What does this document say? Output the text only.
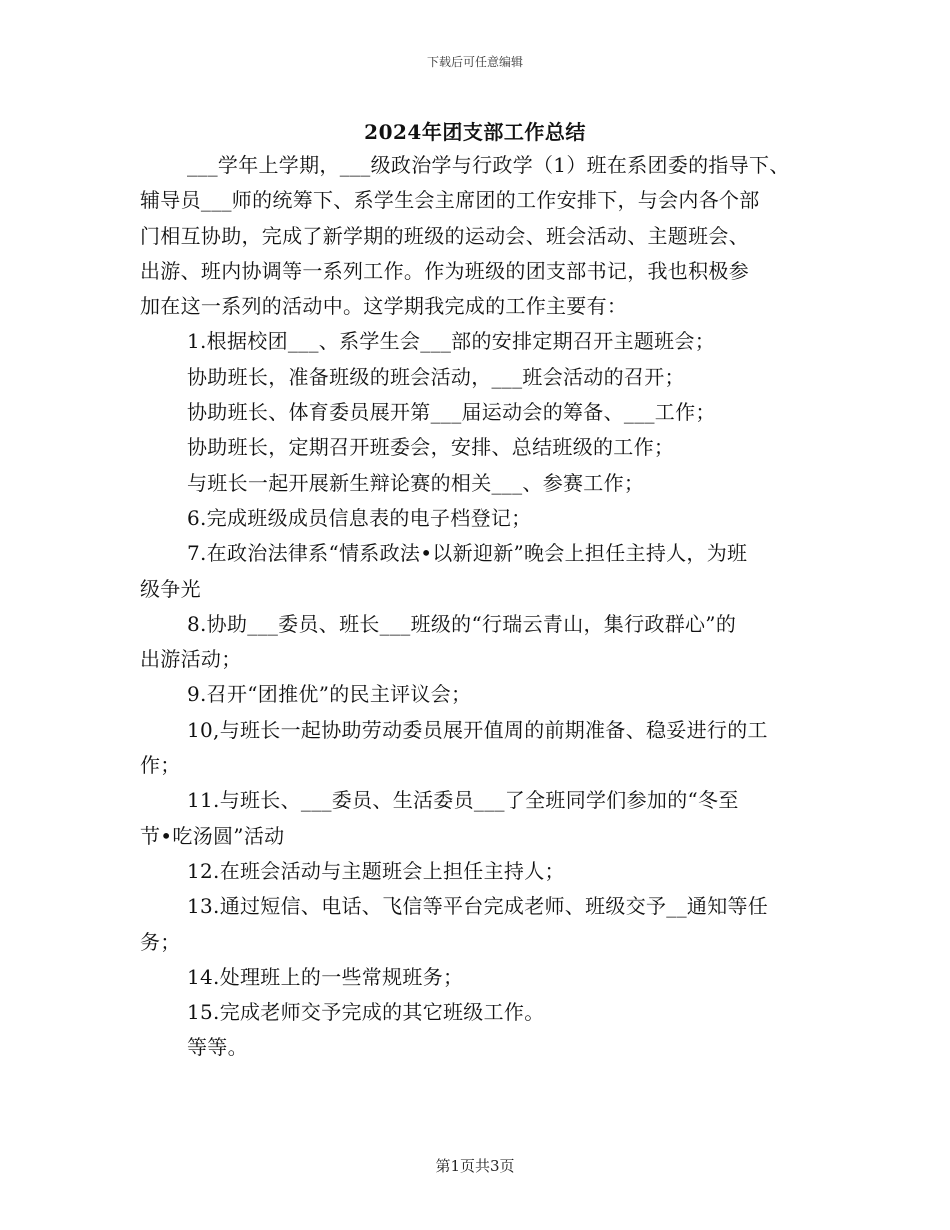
下载后可任意编辑
2024年团支部工作总结
___学年上学期，___级政治学与行政学（1）班在系团委的指导下、
辅导员___师的统筹下、系学生会主席团的工作安排下，与会内各个部
门相互协助，完成了新学期的班级的运动会、班会活动、主题班会、
出游、班内协调等一系列工作。作为班级的团支部书记，我也积极参
加在这一系列的活动中。这学期我完成的工作主要有：
1.根据校团___、系学生会___部的安排定期召开主题班会；
协助班长，准备班级的班会活动，___班会活动的召开；
协助班长、体育委员展开第___届运动会的筹备、___工作；
协助班长，定期召开班委会，安排、总结班级的工作；
与班长一起开展新生辩论赛的相关___、参赛工作；
6.完成班级成员信息表的电子档登记；
7.在政治法律系“情系政法•以新迎新”晚会上担任主持人，为班
级争光
8.协助___委员、班长___班级的“行瑞云青山，集行政群心”的
出游活动；
9.召开“团推优”的民主评议会；
10,与班长一起协助劳动委员展开值周的前期准备、稳妥进行的工
作；
11.与班长、___委员、生活委员___了全班同学们参加的“冬至
节•吃汤圆”活动
12.在班会活动与主题班会上担任主持人；
13.通过短信、电话、飞信等平台完成老师、班级交予__通知等任
务；
14.处理班上的一些常规班务；
15.完成老师交予完成的其它班级工作。
等等。
第1页共3页
